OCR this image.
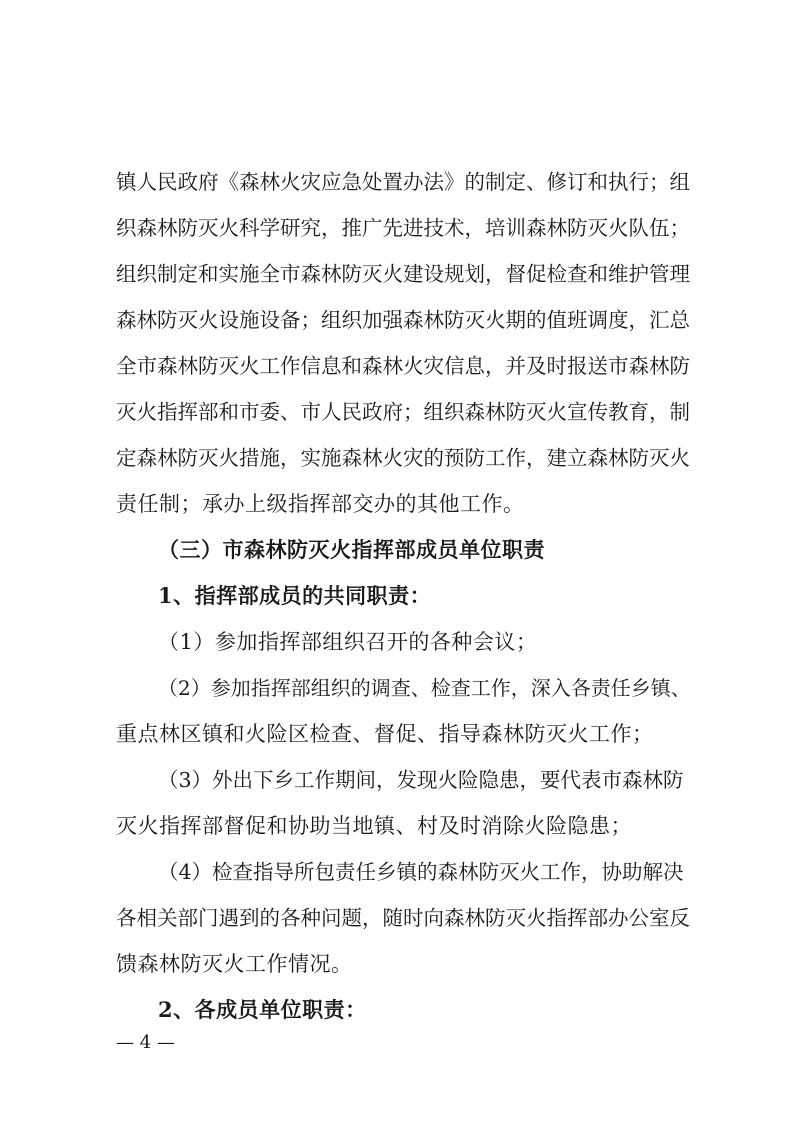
镇人民政府《森林火灾应急处置办法》的制定、修订和执行；组
织森林防灭火科学研究，推广先进技术，培训森林防灭火队伍；
组织制定和实施全市森林防灭火建设规划，督促检查和维护管理
森林防灭火设施设备；组织加强森林防灭火期的值班调度，汇总
全市森林防灭火工作信息和森林火灾信息，并及时报送市森林防
灭火指挥部和市委、市人民政府；组织森林防灭火宣传教育，制
定森林防灭火措施，实施森林火灾的预防工作，建立森林防灭火
责任制；承办上级指挥部交办的其他工作。
（三）市森林防灭火指挥部成员单位职责
1、指挥部成员的共同职责：
（1）参加指挥部组织召开的各种会议；
（2）参加指挥部组织的调查、检查工作，深入各责任乡镇、
重点林区镇和火险区检查、督促、指导森林防灭火工作；
（3）外出下乡工作期间，发现火险隐患，要代表市森林防
灭火指挥部督促和协助当地镇、村及时消除火险隐患；
（4）检查指导所包责任乡镇的森林防灭火工作，协助解决
各相关部门遇到的各种问题，随时向森林防灭火指挥部办公室反
馈森林防灭火工作情况。
2、各成员单位职责：
— 4 —
